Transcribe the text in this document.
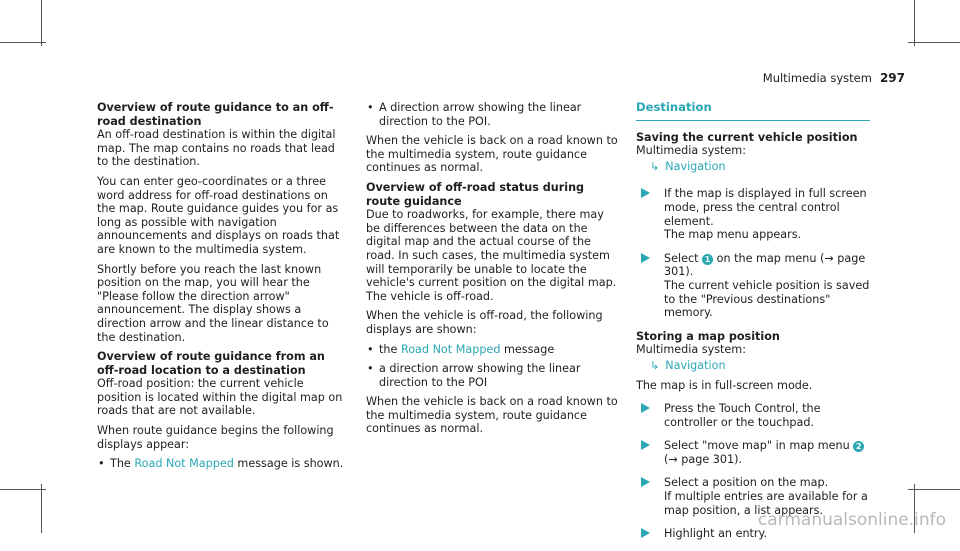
Multimedia system 297
Overview of route guidance to an off-road destination

An off-road destination is within the digital map. The map contains no roads that lead to the destination.

You can enter geo-coordinates or a three word address for off-road destinations on the map. Route guidance guides you for as long as possible with navigation announcements and displays on roads that are known to the multimedia system.

Shortly before you reach the last known position on the map, you will hear the "Please follow the direction arrow" announcement. The display shows a direction arrow and the linear distance to the destination.

Overview of route guidance from an off-road location to a destination

Off-road position: the current vehicle position is located within the digital map on roads that are not available.

When route guidance begins the following displays appear:

• The Road Not Mapped message is shown.
• A direction arrow showing the linear direction to the POI.

When the vehicle is back on a road known to the multimedia system, route guidance continues as normal.

Overview of off-road status during route guidance

Due to roadworks, for example, there may be differences between the data on the digital map and the actual course of the road. In such cases, the multimedia system will temporarily be unable to locate the vehicle's current position on the digital map. The vehicle is off-road.

When the vehicle is off-road, the following displays are shown:

• the Road Not Mapped message
• a direction arrow showing the linear direction to the POI

When the vehicle is back on a road known to the multimedia system, route guidance continues as normal.

Destination
Saving the current vehicle position
Multimedia system:
↳ Navigation
If the map is displayed in full screen mode, press the central control element.
The map menu appears.
Select 1 on the map menu (→ page 301).
The current vehicle position is saved to the "Previous destinations" memory.
Storing a map position
Multimedia system:
↳ Navigation

The map is in full-screen mode.

Press the Touch Control, the controller or the touchpad.
Select "move map" in map menu 2
(→ page 301).
Select a position on the map.
If multiple entries are available for a map position, a list appears.
Highlight an entry.
carmanualsonline.info
